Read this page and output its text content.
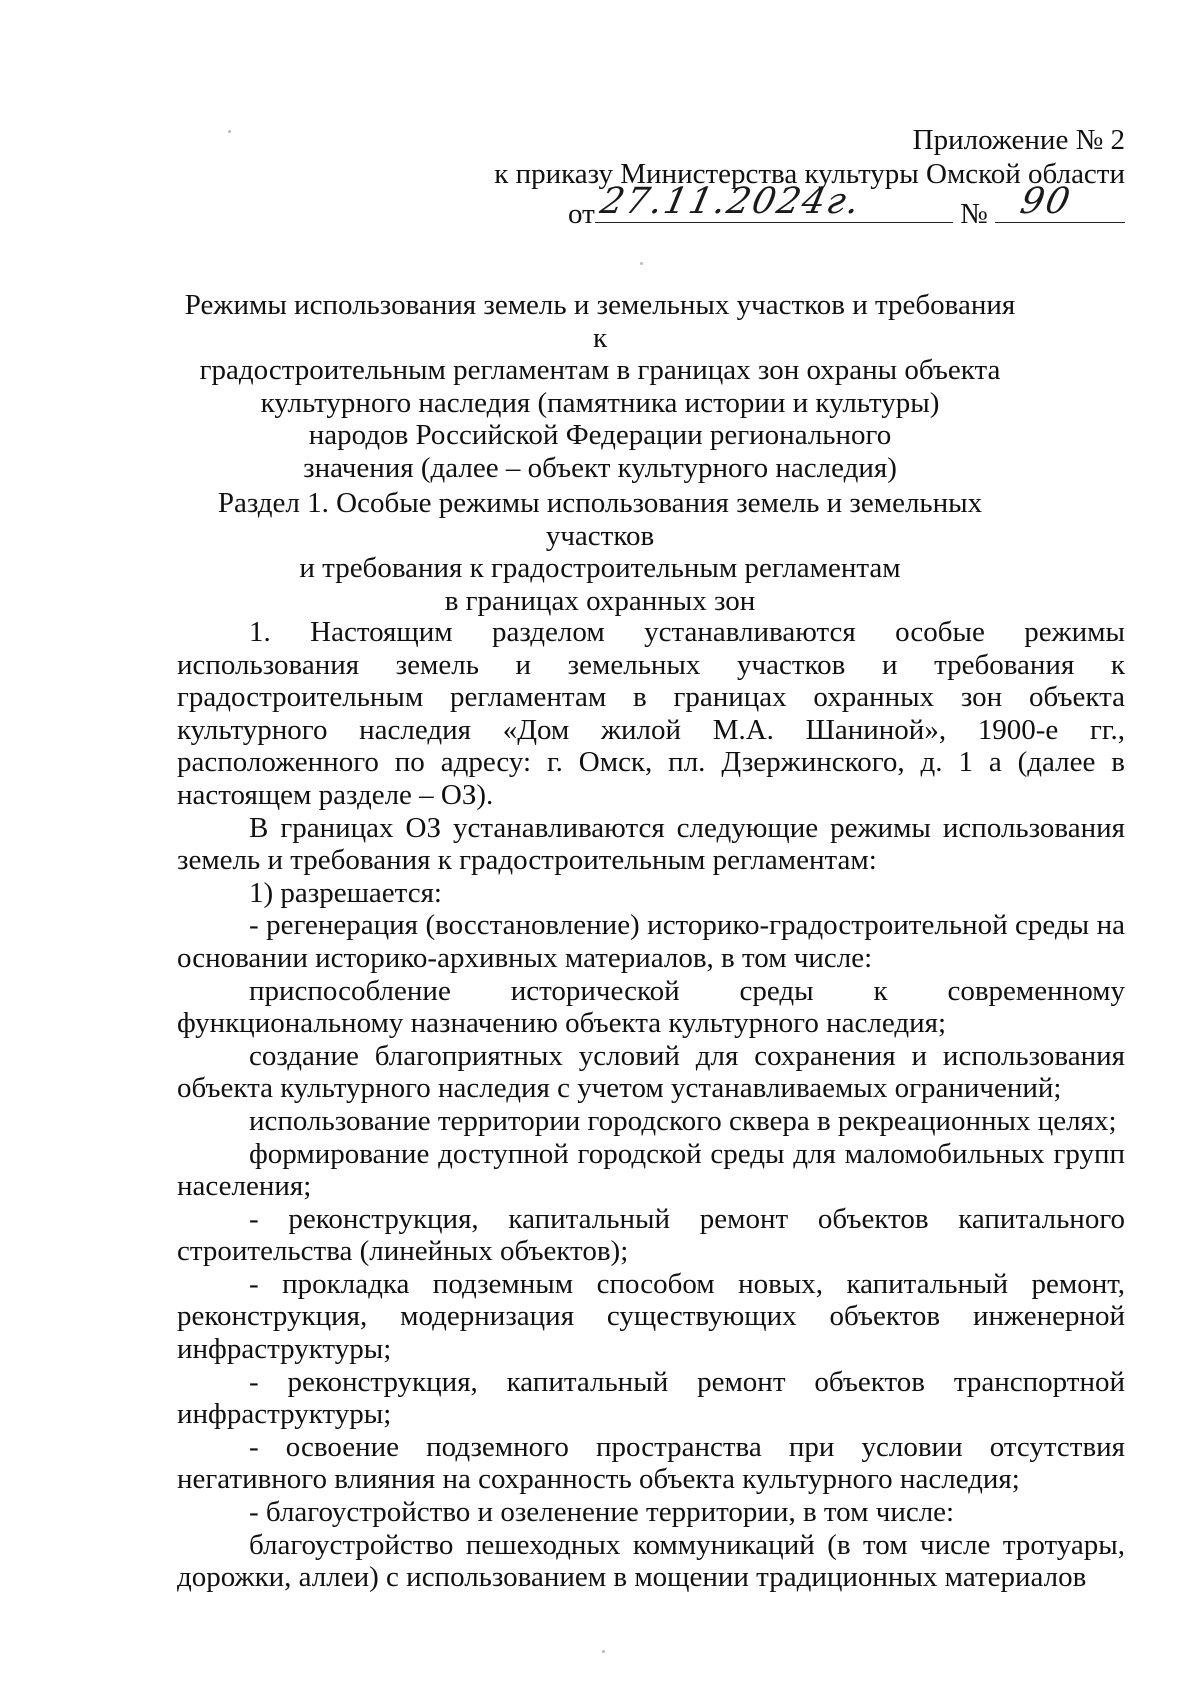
Приложение № 2
к приказу Министерства культуры Омской области
от 27.11.2024г.	№ 90
Режимы использования земель и земельных участков и требования к
градостроительным регламентам в границах зон охраны объекта
культурного наследия (памятника истории и культуры)
народов Российской Федерации регионального
значения (далее – объект культурного наследия)
Раздел 1. Особые режимы использования земель и земельных участков
и требования к градостроительным регламентам
в границах охранных зон

1. Настоящим разделом устанавливаются особые режимы использования земель и земельных участков и требования к градостроительным регламентам в границах охранных зон объекта культурного наследия «Дом жилой М.А. Шаниной», 1900-е гг., расположенного по адресу: г. Омск, пл. Дзержинского, д. 1 а (далее в настоящем разделе – ОЗ).

В границах ОЗ устанавливаются следующие режимы использования земель и требования к градостроительным регламентам:

1) разрешается:

- регенерация (восстановление) историко-градостроительной среды на основании историко-архивных материалов, в том числе:

приспособление исторической среды к современному функциональному назначению объекта культурного наследия;

создание благоприятных условий для сохранения и использования объекта культурного наследия с учетом устанавливаемых ограничений;

использование территории городского сквера в рекреационных целях;

формирование доступной городской среды для маломобильных групп населения;

- реконструкция, капитальный ремонт объектов капитального строительства (линейных объектов);

- прокладка подземным способом новых, капитальный ремонт, реконструкция, модернизация существующих объектов инженерной инфраструктуры;

- реконструкция, капитальный ремонт объектов транспортной инфраструктуры;

- освоение подземного пространства при условии отсутствия негативного влияния на сохранность объекта культурного наследия;

- благоустройство и озеленение территории, в том числе:

благоустройство пешеходных коммуникаций (в том числе тротуары, дорожки, аллеи) с использованием в мощении традиционных материалов
